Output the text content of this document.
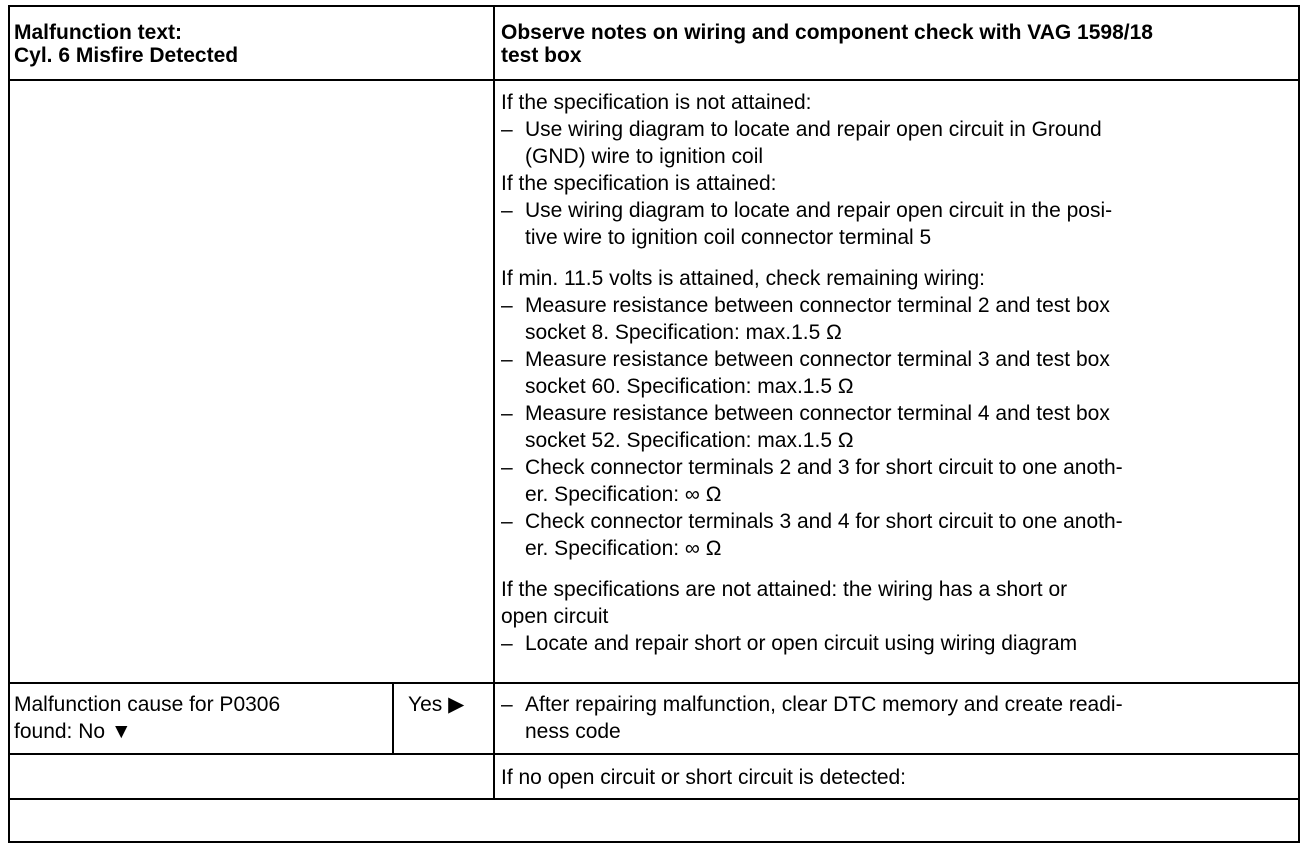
Malfunction text:
Cyl. 6 Misfire Detected
Observe notes on wiring and component check with VAG 1598/18
test box
If the specification is not attained:
– Use wiring diagram to locate and repair open circuit in Ground
(GND) wire to ignition coil
If the specification is attained:
– Use wiring diagram to locate and repair open circuit in the posi-
tive wire to ignition coil connector terminal 5
If min. 11.5 volts is attained, check remaining wiring:
– Measure resistance between connector terminal 2 and test box
socket 8. Specification: max.1.5 Ω
– Measure resistance between connector terminal 3 and test box
socket 60. Specification: max.1.5 Ω
– Measure resistance between connector terminal 4 and test box
socket 52. Specification: max.1.5 Ω
– Check connector terminals 2 and 3 for short circuit to one anoth-
er. Specification: ∞ Ω
– Check connector terminals 3 and 4 for short circuit to one anoth-
er. Specification: ∞ Ω
If the specifications are not attained: the wiring has a short or
open circuit
– Locate and repair short or open circuit using wiring diagram
Malfunction cause for P0306
found: No ▼
Yes ▶	– After repairing malfunction, clear DTC memory and create readi-
ness code
If no open circuit or short circuit is detected:
